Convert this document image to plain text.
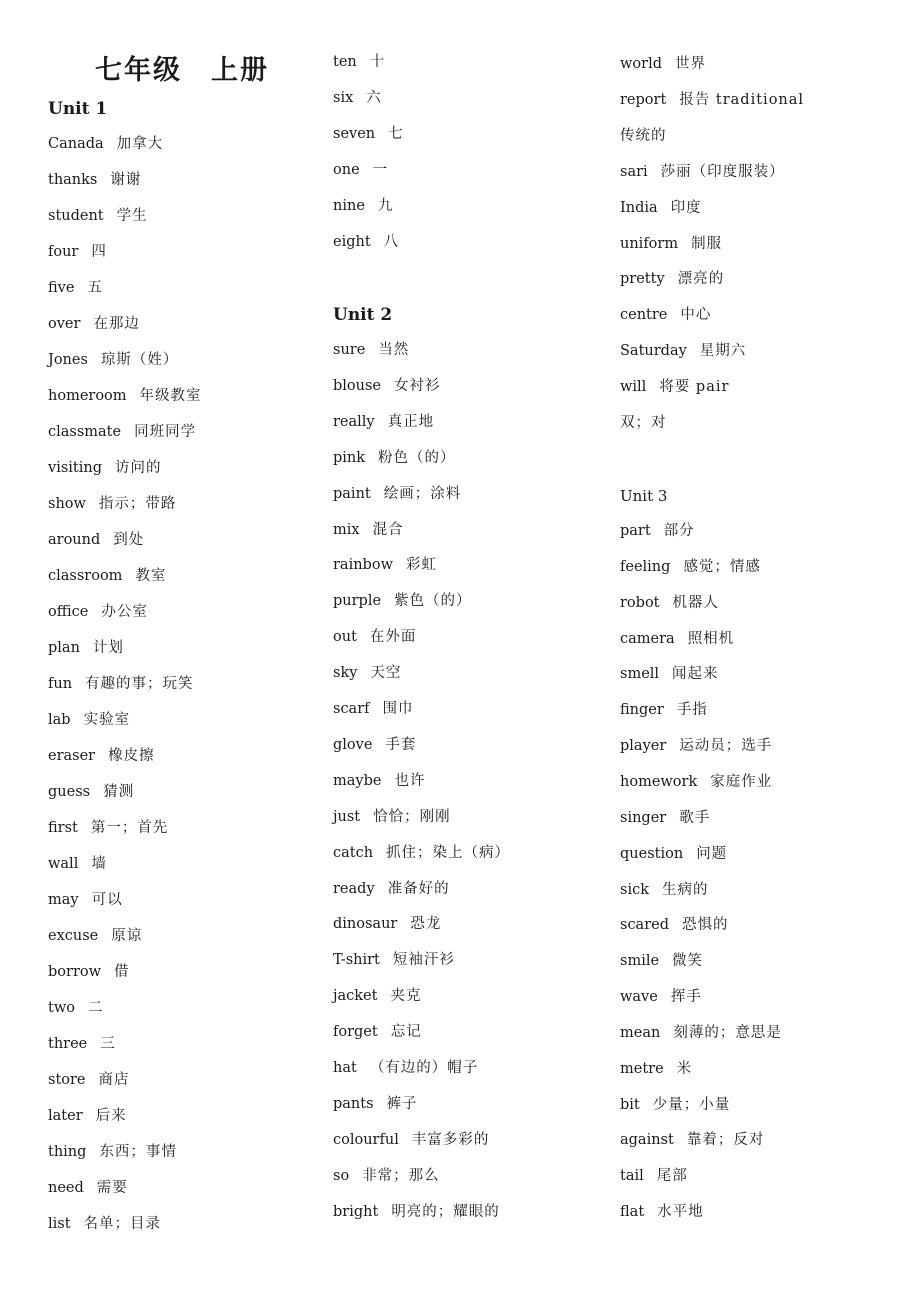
七年级　上册
Unit 1
Canada 加拿大
thanks 谢谢
student 学生
four 四
five 五
over 在那边
Jones 琼斯（姓）
homeroom 年级教室
classmate 同班同学
visiting 访问的
show 指示；带路
around 到处
classroom 教室
office 办公室
plan 计划
fun 有趣的事；玩笑
lab 实验室
eraser 橡皮擦
guess 猜测
first 第一；首先
wall 墙
may 可以
excuse 原谅
borrow 借
two 二
three 三
store 商店
later 后来
thing 东西；事情
need 需要
list 名单；目录
ten 十
six 六
seven 七
one 一
nine 九
eight 八
Unit 2
sure 当然
blouse 女衬衫
really 真正地
pink 粉色（的）
paint 绘画；涂料
mix 混合
rainbow 彩虹
purple 紫色（的）
out 在外面
sky 天空
scarf 围巾
glove 手套
maybe 也许
just 恰恰；刚刚
catch 抓住；染上（病）
ready 准备好的
dinosaur 恐龙
T-shirt 短袖汗衫
jacket 夹克
forget 忘记
hat （有边的）帽子
pants 裤子
colourful 丰富多彩的
so 非常；那么
bright 明亮的；耀眼的
world 世界
report 报告 traditional
传统的
sari 莎丽（印度服装）
India 印度
uniform 制服
pretty 漂亮的
centre 中心
Saturday 星期六
will 将要 pair
双；对
Unit 3
part 部分
feeling 感觉；情感
robot 机器人
camera 照相机
smell 闻起来
finger 手指
player 运动员；选手
homework 家庭作业
singer 歌手
question 问题
sick 生病的
scared 恐惧的
smile 微笑
wave 挥手
mean 刻薄的；意思是
metre 米
bit 少量；小量
against 靠着；反对
tail 尾部
flat 水平地
